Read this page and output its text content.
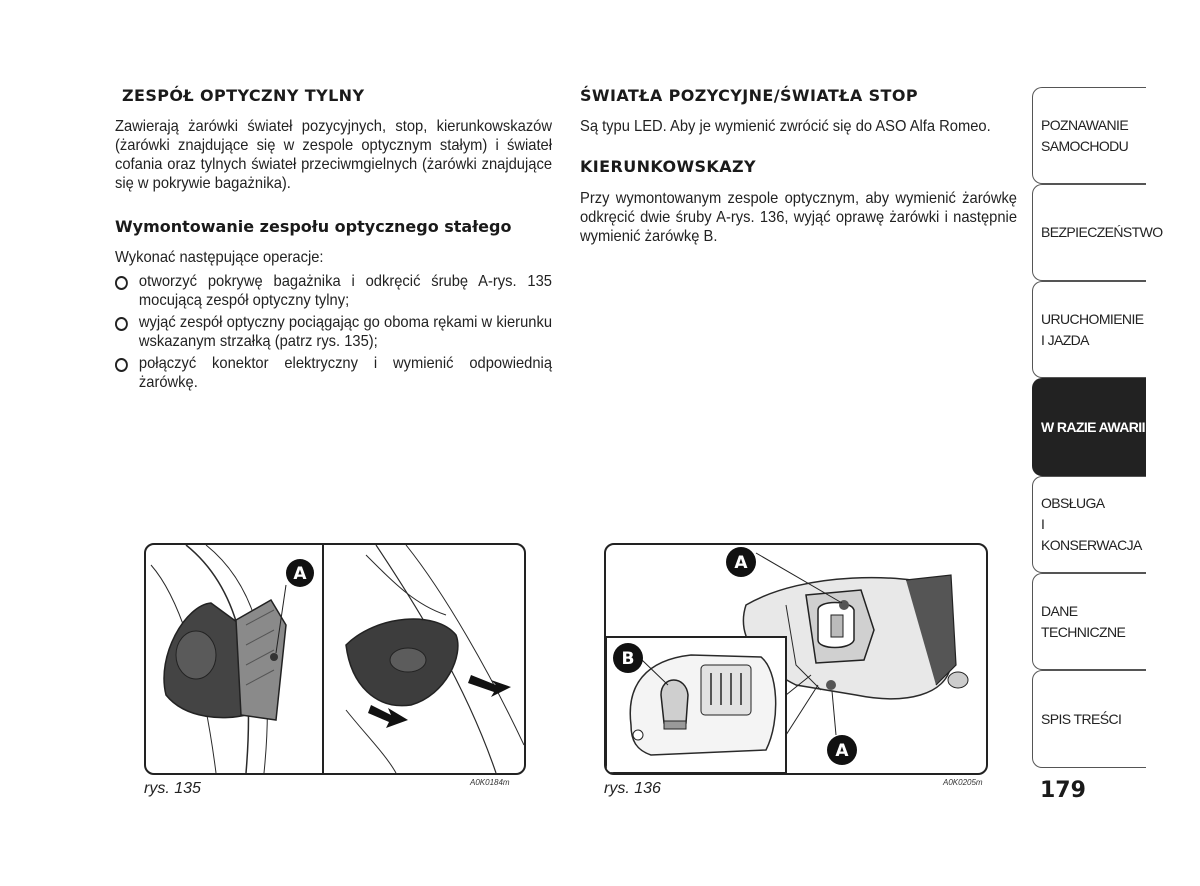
ZESPÓŁ OPTYCZNY TYLNY
Zawierają żarówki świateł pozycyjnych, stop, kierunkowskazów (żarówki znajdujące się w zespole optycznym stałym) i świateł cofania oraz tylnych świateł przeciwmgielnych (żarówki znajdujące się w pokrywie bagażnika).
Wymontowanie zespołu optycznego stałego
Wykonać następujące operacje:
otworzyć pokrywę bagażnika i odkręcić śrubę A-rys. 135 mocującą zespół optyczny tylny;
wyjąć zespół optyczny pociągając go oboma rękami w kierunku wskazanym strzałką (patrz rys. 135);
połączyć konektor elektryczny i wymienić odpowiednią żarówkę.
ŚWIATŁA POZYCYJNE/ŚWIATŁA STOP
Są typu LED. Aby je wymienić zwrócić się do ASO Alfa Romeo.
KIERUNKOWSKAZY
Przy wymontowanym zespole optycznym, aby wymienić żarówkę odkręcić dwie śruby A-rys. 136, wyjąć oprawę żarówki i następnie wymienić żarówkę B.
A
rys. 135	A0K0184m
A
B
A
rys. 136	A0K0205m
POZNAWANIE
SAMOCHODU
BEZPIECZEŃSTWO
URUCHOMIENIE
I JAZDA
W RAZIE AWARII
OBSŁUGA
I KONSERWACJA
DANE
TECHNICZNE
SPIS TREŚCI
179
